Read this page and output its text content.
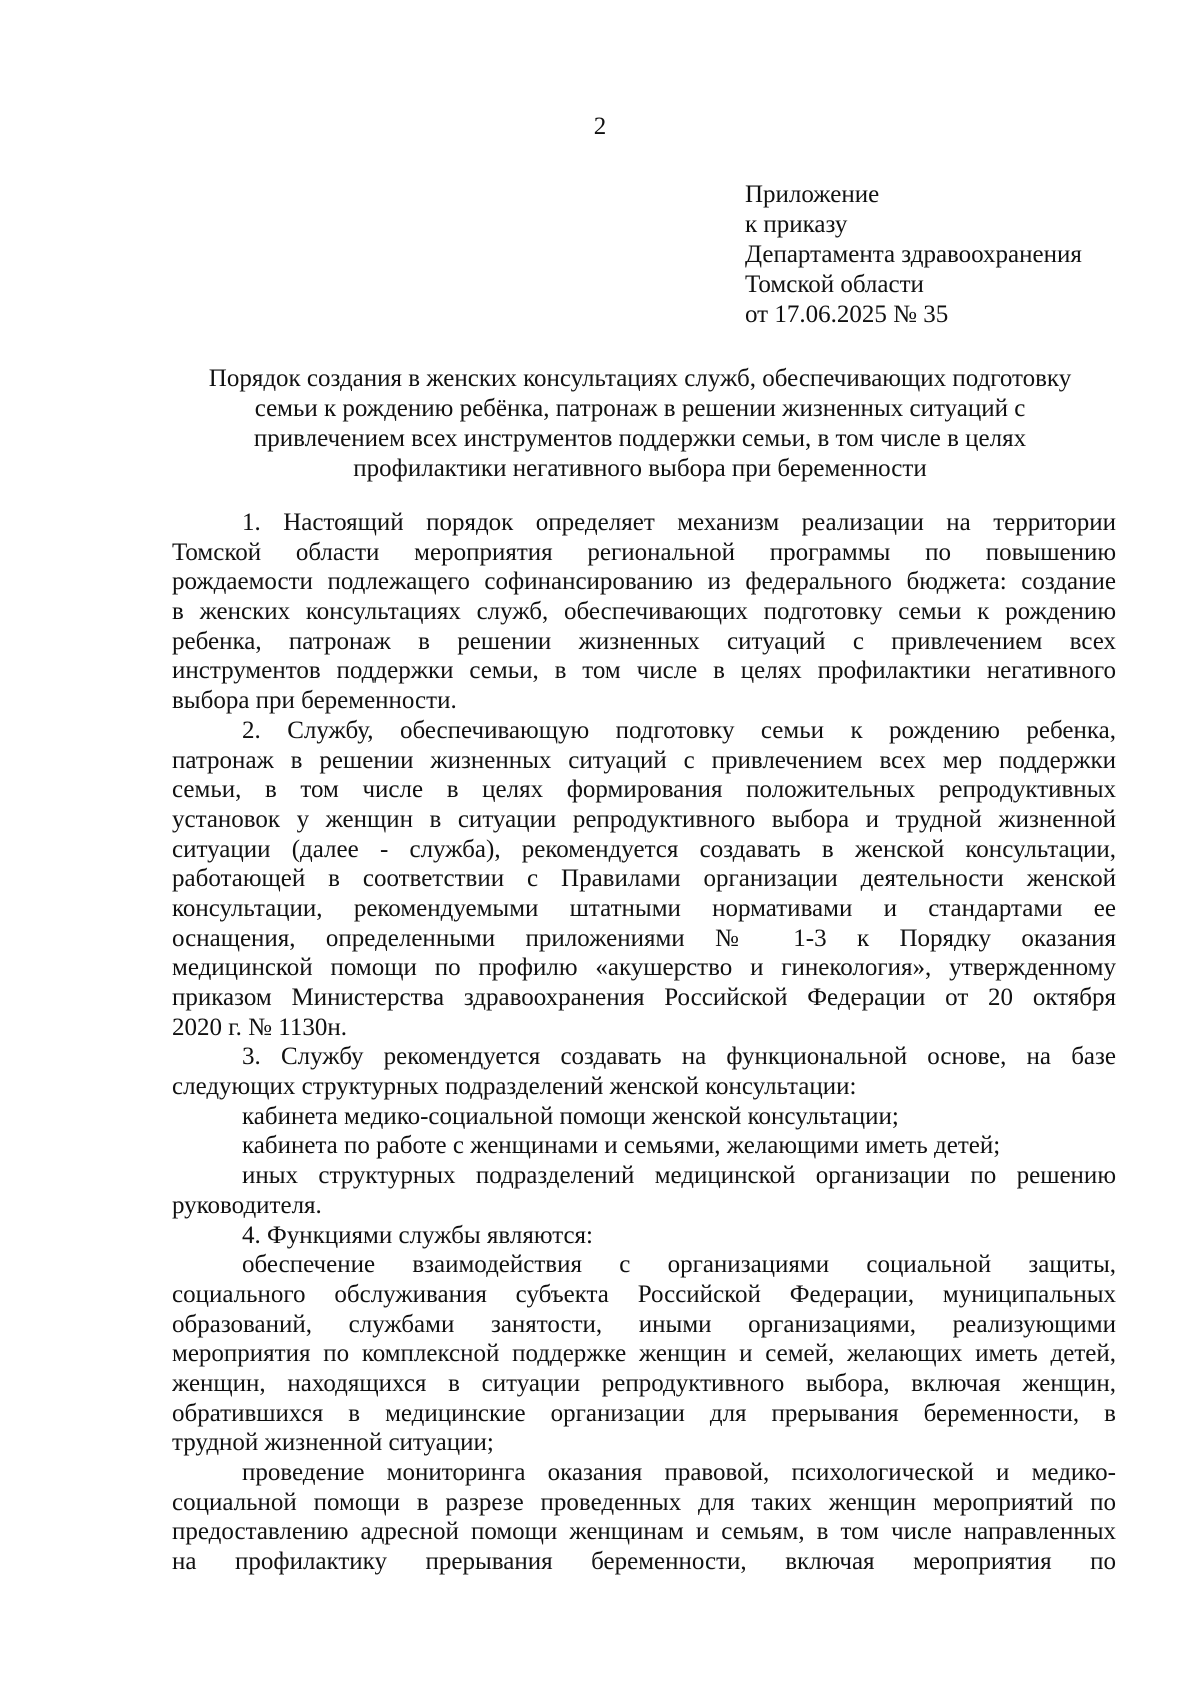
2
Приложение
к приказу
Департамента здравоохранения
Томской области
от 17.06.2025 № 35
Порядок создания в женских консультациях служб, обеспечивающих подготовку
семьи к рождению ребёнка, патронаж в решении жизненных ситуаций с
привлечением всех инструментов поддержки семьи, в том числе в целях
профилактики негативного выбора при беременности
1. Настоящий порядок определяет механизм реализации на территории
Томской области мероприятия региональной программы по повышению
рождаемости подлежащего софинансированию из федерального бюджета: создание
в женских консультациях служб, обеспечивающих подготовку семьи к рождению
ребенка, патронаж в решении жизненных ситуаций с привлечением всех
инструментов поддержки семьи, в том числе в целях профилактики негативного
выбора при беременности.
2. Службу, обеспечивающую подготовку семьи к рождению ребенка,
патронаж в решении жизненных ситуаций с привлечением всех мер поддержки
семьи, в том числе в целях формирования положительных репродуктивных
установок у женщин в ситуации репродуктивного выбора и трудной жизненной
ситуации (далее - служба), рекомендуется создавать в женской консультации,
работающей в соответствии с Правилами организации деятельности женской
консультации, рекомендуемыми штатными нормативами и стандартами ее
оснащения, определенными приложениями № 1-3 к Порядку оказания
медицинской помощи по профилю «акушерство и гинекология», утвержденному
приказом Министерства здравоохранения Российской Федерации от 20 октября
2020 г. № 1130н.
3. Службу рекомендуется создавать на функциональной основе, на базе
следующих структурных подразделений женской консультации:
кабинета медико-социальной помощи женской консультации;
кабинета по работе с женщинами и семьями, желающими иметь детей;
иных структурных подразделений медицинской организации по решению
руководителя.
4. Функциями службы являются:
обеспечение взаимодействия с организациями социальной защиты,
социального обслуживания субъекта Российской Федерации, муниципальных
образований, службами занятости, иными организациями, реализующими
мероприятия по комплексной поддержке женщин и семей, желающих иметь детей,
женщин, находящихся в ситуации репродуктивного выбора, включая женщин,
обратившихся в медицинские организации для прерывания беременности, в
трудной жизненной ситуации;
проведение мониторинга оказания правовой, психологической и медико-
социальной помощи в разрезе проведенных для таких женщин мероприятий по
предоставлению адресной помощи женщинам и семьям, в том числе направленных
на профилактику прерывания беременности, включая мероприятия по
